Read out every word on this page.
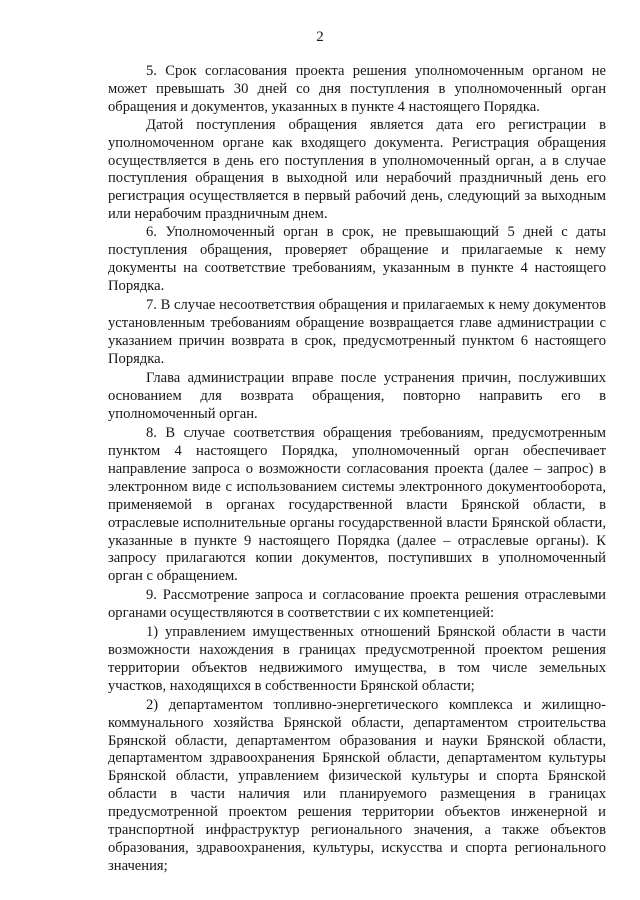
2

5. Срок согласования проекта решения уполномоченным органом не может превышать 30 дней со дня поступления в уполномоченный орган обращения и документов, указанных в пункте 4 настоящего Порядка.

Датой поступления обращения является дата его регистрации в уполномоченном органе как входящего документа. Регистрация обращения осуществляется в день его поступления в уполномоченный орган, а в случае поступления обращения в выходной или нерабочий праздничный день его регистрация осуществляется в первый рабочий день, следующий за выходным или нерабочим праздничным днем.

6. Уполномоченный орган в срок, не превышающий 5 дней с даты поступления обращения, проверяет обращение и прилагаемые к нему документы на соответствие требованиям, указанным в пункте 4 настоящего Порядка.

7. В случае несоответствия обращения и прилагаемых к нему документов установленным требованиям обращение возвращается главе администрации с указанием причин возврата в срок, предусмотренный пунктом 6 настоящего Порядка.

Глава администрации вправе после устранения причин, послуживших основанием для возврата обращения, повторно направить его в уполномоченный орган.

8. В случае соответствия обращения требованиям, предусмотренным пунктом 4 настоящего Порядка, уполномоченный орган обеспечивает направление запроса о возможности согласования проекта (далее – запрос) в электронном виде с использованием системы электронного документооборота, применяемой в органах государственной власти Брянской области, в отраслевые исполнительные органы государственной власти Брянской области, указанные в пункте 9 настоящего Порядка (далее – отраслевые органы). К запросу прилагаются копии документов, поступивших в уполномоченный орган с обращением.

9. Рассмотрение запроса и согласование проекта решения отраслевыми органами осуществляются в соответствии с их компетенцией:

1) управлением имущественных отношений Брянской области в части возможности нахождения в границах предусмотренной проектом решения территории объектов недвижимого имущества, в том числе земельных участков, находящихся в собственности Брянской области;

2) департаментом топливно-энергетического комплекса и жилищно-коммунального хозяйства Брянской области, департаментом строительства Брянской области, департаментом образования и науки Брянской области, департаментом здравоохранения Брянской области, департаментом культуры Брянской области, управлением физической культуры и спорта Брянской области в части наличия или планируемого размещения в границах предусмотренной проектом решения территории объектов инженерной и транспортной инфраструктур регионального значения, а также объектов образования, здравоохранения, культуры, искусства и спорта регионального значения;
